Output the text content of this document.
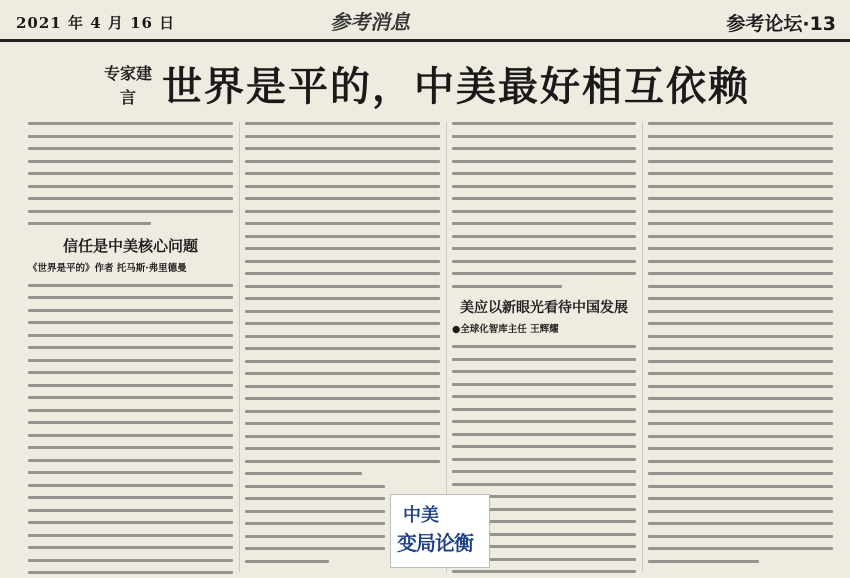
2021 年 4 月 16 日	参考消息	参考论坛·13
专家建言 世界是平的，中美最好相互依赖
信任是中美核心问题
《世界是平的》作者 托马斯·弗里德曼
美应以新眼光看待中国发展
●全球化智库主任 王辉耀
中美
变局论衡
